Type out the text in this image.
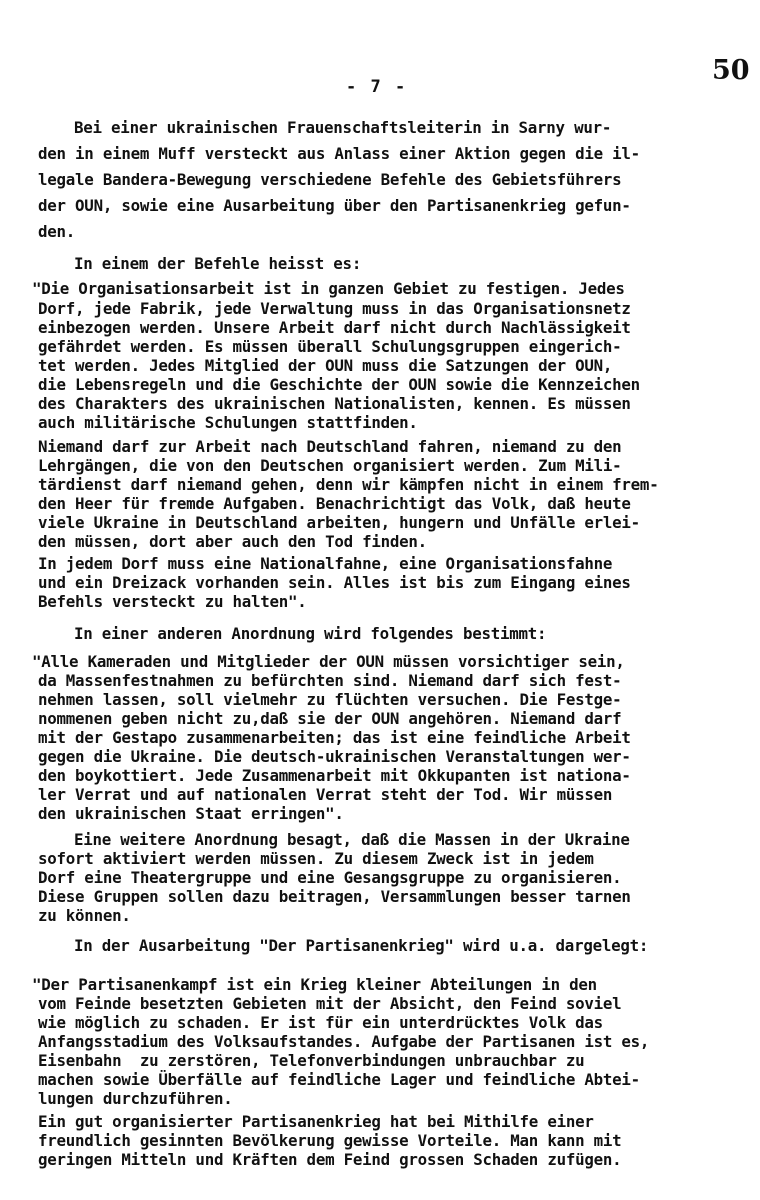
50
- 7 -
Bei einer ukrainischen Frauenschaftsleiterin in Sarny wur-
den in einem Muff versteckt aus Anlass einer Aktion gegen die il-
legale Bandera-Bewegung verschiedene Befehle des Gebietsführers
der OUN, sowie eine Ausarbeitung über den Partisanenkrieg gefun-
den.
In einem der Befehle heisst es:
"Die Organisationsarbeit ist in ganzen Gebiet zu festigen. Jedes
Dorf, jede Fabrik, jede Verwaltung muss in das Organisationsnetz
einbezogen werden. Unsere Arbeit darf nicht durch Nachlässigkeit
gefährdet werden. Es müssen überall Schulungsgruppen eingerich-
tet werden. Jedes Mitglied der OUN muss die Satzungen der OUN,
die Lebensregeln und die Geschichte der OUN sowie die Kennzeichen
des Charakters des ukrainischen Nationalisten, kennen. Es müssen
auch militärische Schulungen stattfinden.
Niemand darf zur Arbeit nach Deutschland fahren, niemand zu den
Lehrgängen, die von den Deutschen organisiert werden. Zum Mili-
tärdienst darf niemand gehen, denn wir kämpfen nicht in einem frem-
den Heer für fremde Aufgaben. Benachrichtigt das Volk, daß heute
viele Ukraine in Deutschland arbeiten, hungern und Unfälle erlei-
den müssen, dort aber auch den Tod finden.
In jedem Dorf muss eine Nationalfahne, eine Organisationsfahne
und ein Dreizack vorhanden sein. Alles ist bis zum Eingang eines
Befehls versteckt zu halten".
In einer anderen Anordnung wird folgendes bestimmt:
"Alle Kameraden und Mitglieder der OUN müssen vorsichtiger sein,
da Massenfestnahmen zu befürchten sind. Niemand darf sich fest-
nehmen lassen, soll vielmehr zu flüchten versuchen. Die Festge-
nommenen geben nicht zu,daß sie der OUN angehören. Niemand darf
mit der Gestapo zusammenarbeiten; das ist eine feindliche Arbeit
gegen die Ukraine. Die deutsch-ukrainischen Veranstaltungen wer-
den boykottiert. Jede Zusammenarbeit mit Okkupanten ist nationa-
ler Verrat und auf nationalen Verrat steht der Tod. Wir müssen
den ukrainischen Staat erringen".
Eine weitere Anordnung besagt, daß die Massen in der Ukraine
sofort aktiviert werden müssen. Zu diesem Zweck ist in jedem
Dorf eine Theatergruppe und eine Gesangsgruppe zu organisieren.
Diese Gruppen sollen dazu beitragen, Versammlungen besser tarnen
zu können.
In der Ausarbeitung "Der Partisanenkrieg" wird u.a. dargelegt:
"Der Partisanenkampf ist ein Krieg kleiner Abteilungen in den
vom Feinde besetzten Gebieten mit der Absicht, den Feind soviel
wie möglich zu schaden. Er ist für ein unterdrücktes Volk das
Anfangsstadium des Volksaufstandes. Aufgabe der Partisanen ist es,
Eisenbahn  zu zerstören, Telefonverbindungen unbrauchbar zu
machen sowie Überfälle auf feindliche Lager und feindliche Abtei-
lungen durchzuführen.
Ein gut organisierter Partisanenkrieg hat bei Mithilfe einer
freundlich gesinnten Bevölkerung gewisse Vorteile. Man kann mit
geringen Mitteln und Kräften dem Feind grossen Schaden zufügen.
